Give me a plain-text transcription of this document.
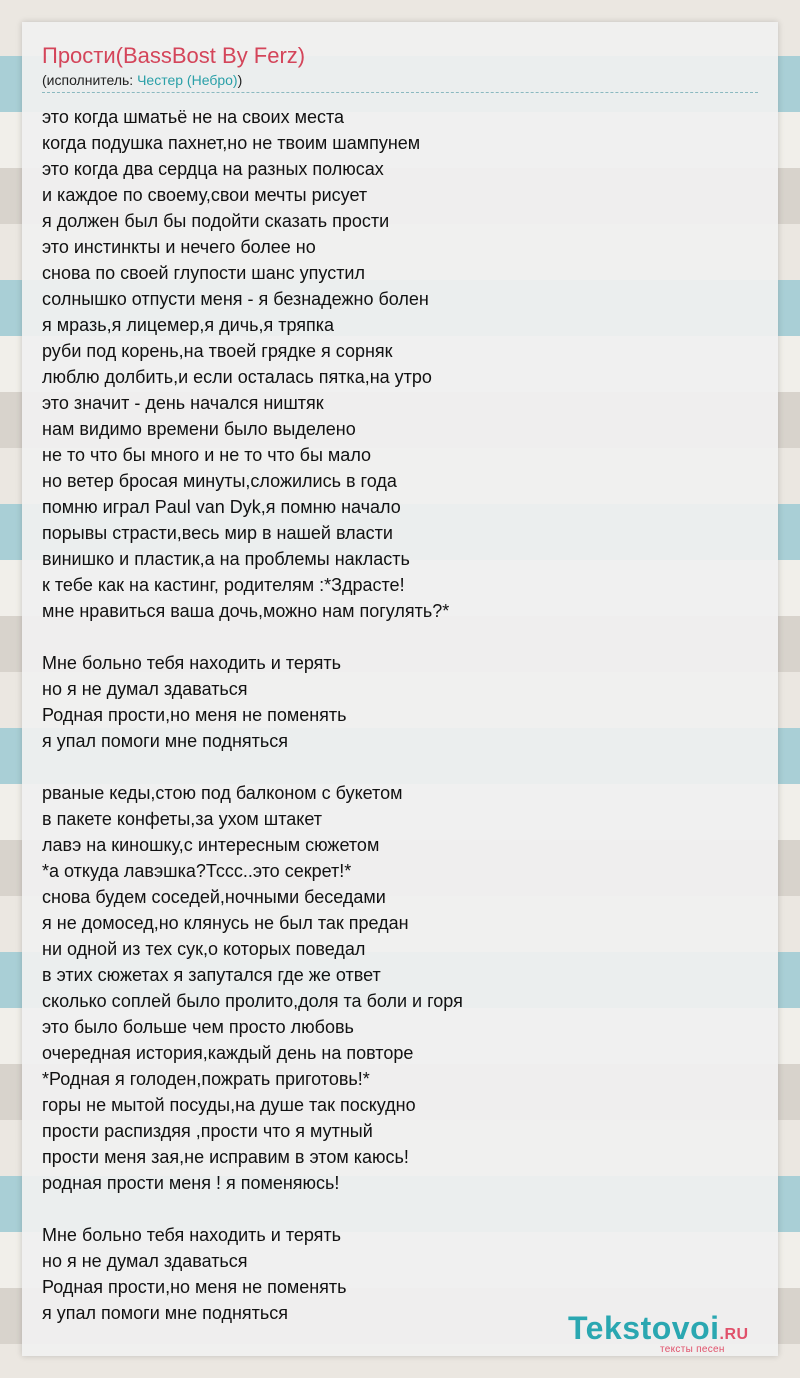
Прости(BassBost By Ferz)
(исполнитель: Честер (Небро))
это когда шматьё не на своих места
когда подушка пахнет,но не твоим шампунем
это когда два сердца на разных полюсах
и каждое по своему,свои мечты рисует
я должен был бы подойти сказать прости
это инстинкты и нечего более но
снова по своей глупости шанс упустил
солнышко отпусти меня - я безнадежно болен
я мразь,я лицемер,я дичь,я тряпка
руби под корень,на твоей грядке я сорняк
люблю долбить,и если осталась пятка,на утро
это значит - день начался ништяк
нам видимо времени было выделено
не то что бы много и не то что бы мало
но ветер бросая минуты,сложились в года
помню играл Paul van Dyk,я помню начало
порывы страсти,весь мир в нашей власти
винишко и пластик,а на проблемы накласть
к тебе как на кастинг, родителям :*Здрасте!
мне нравиться ваша дочь,можно нам погулять?*
Мне больно тебя находить и терять
но я не думал здаваться
Родная прости,но меня не поменять
я упал помоги мне подняться
рваные кеды,стою под балконом с букетом
в пакете конфеты,за ухом штакет
лавэ на киношку,с интересным сюжетом
*а откуда лавэшка?Тссс..это секрет!*
снова будем соседей,ночными беседами
я не домосед,но клянусь не был так предан
ни одной из тех сук,о которых поведал
в этих сюжетах я запутался где же ответ
сколько соплей было пролито,доля та боли и горя
это было больше чем просто любовь
очередная история,каждый день на повторе
*Родная я голоден,пожрать приготовь!*
горы не мытой посуды,на душе так поскудно
прости распиздяя ,прости что я мутный
прости меня зая,не исправим в этом каюсь!
родная прости меня ! я поменяюсь!
Мне больно тебя находить и терять
но я не думал здаваться
Родная прости,но меня не поменять
я упал помоги мне подняться	Tekstovoi.RU
тексты песен
